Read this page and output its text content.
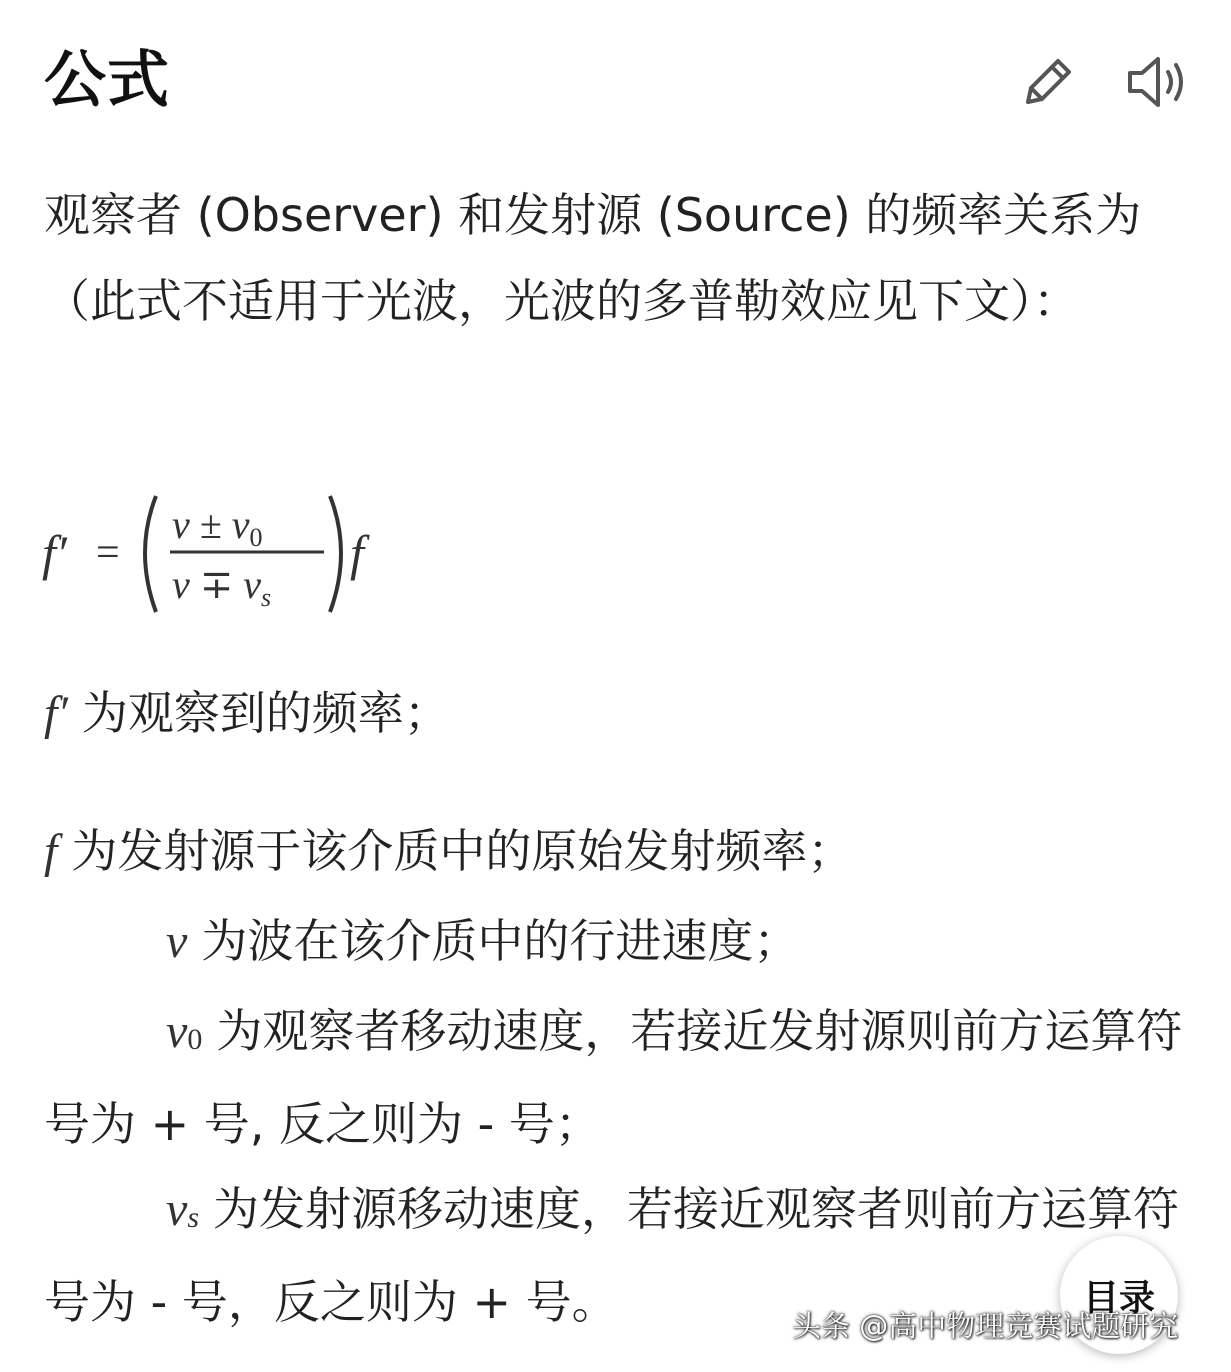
公式
观察者 (Observer) 和发射源 (Source) 的频率关系为（此式不适用于光波，光波的多普勒效应见下文）：
f′ =
$v \pm v_0$
$v \mp v_s$
f
f′ 为观察到的频率；
f 为发射源于该介质中的原始发射频率；
v 为波在该介质中的行进速度；
$v_0$ 为观察者移动速度，若接近发射源则前方运算符号为 + 号, 反之则为 - 号；
$v_s$ 为发射源移动速度，若接近观察者则前方运算符号为 - 号，反之则为 + 号。	目录
头条 @高中物理竞赛试题研究
